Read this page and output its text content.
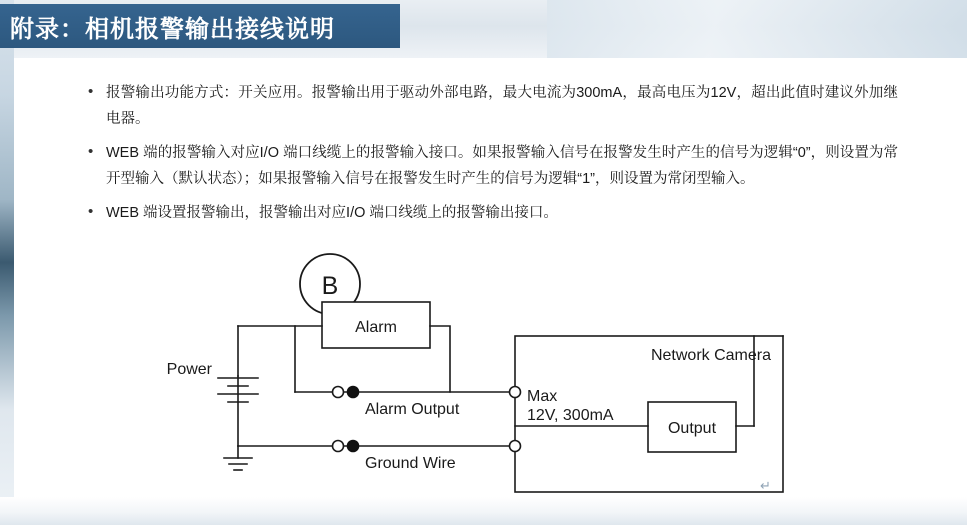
附录：相机报警输出接线说明
• 报警输出功能方式：开关应用。报警输出用于驱动外部电路，最大电流为300mA，最高电压为12V，超出此值时建议外加继电器。
• WEB 端的报警输入对应I/O 端口线缆上的报警输入接口。如果报警输入信号在报警发生时产生的信号为逻辑“0”，则设置为常开型输入（默认状态）；如果报警输入信号在报警发生时产生的信号为逻辑“1”，则设置为常闭型输入。
• WEB 端设置报警输出，报警输出对应I/O 端口线缆上的报警输出接口。
B
Alarm
Power
Alarm Output
Ground Wire
Network Camera
Max
12V, 300mA
Output
↵
